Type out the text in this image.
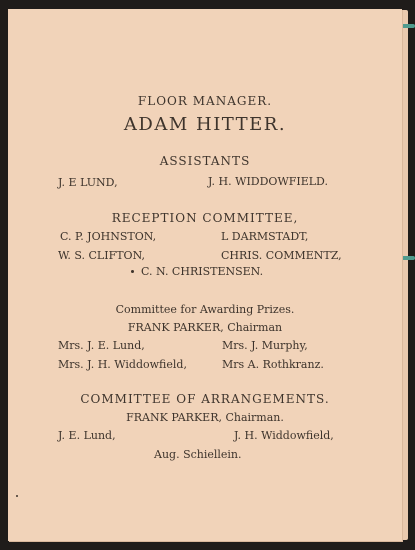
FLOOR MANAGER.
ADAM HITTER.
ASSISTANTS
J. E LUND,	J. H. WIDDOWFIELD.
RECEPTION COMMITTEE,
C. P. JOHNSTON,	L DARMSTADT,
W. S. CLIFTON,	CHRIS. COMMENTZ,
C. N. CHRISTENSEN.
Committee for Awarding Prizes.
FRANK PARKER, Chairman
Mrs. J. E. Lund,	Mrs. J. Murphy,
Mrs. J. H. Widdowfield,	Mrs A. Rothkranz.
COMMITTEE OF ARRANGEMENTS.
FRANK PARKER, Chairman.
J. E. Lund,	J. H. Widdowfield,
Aug. Schiellein.
